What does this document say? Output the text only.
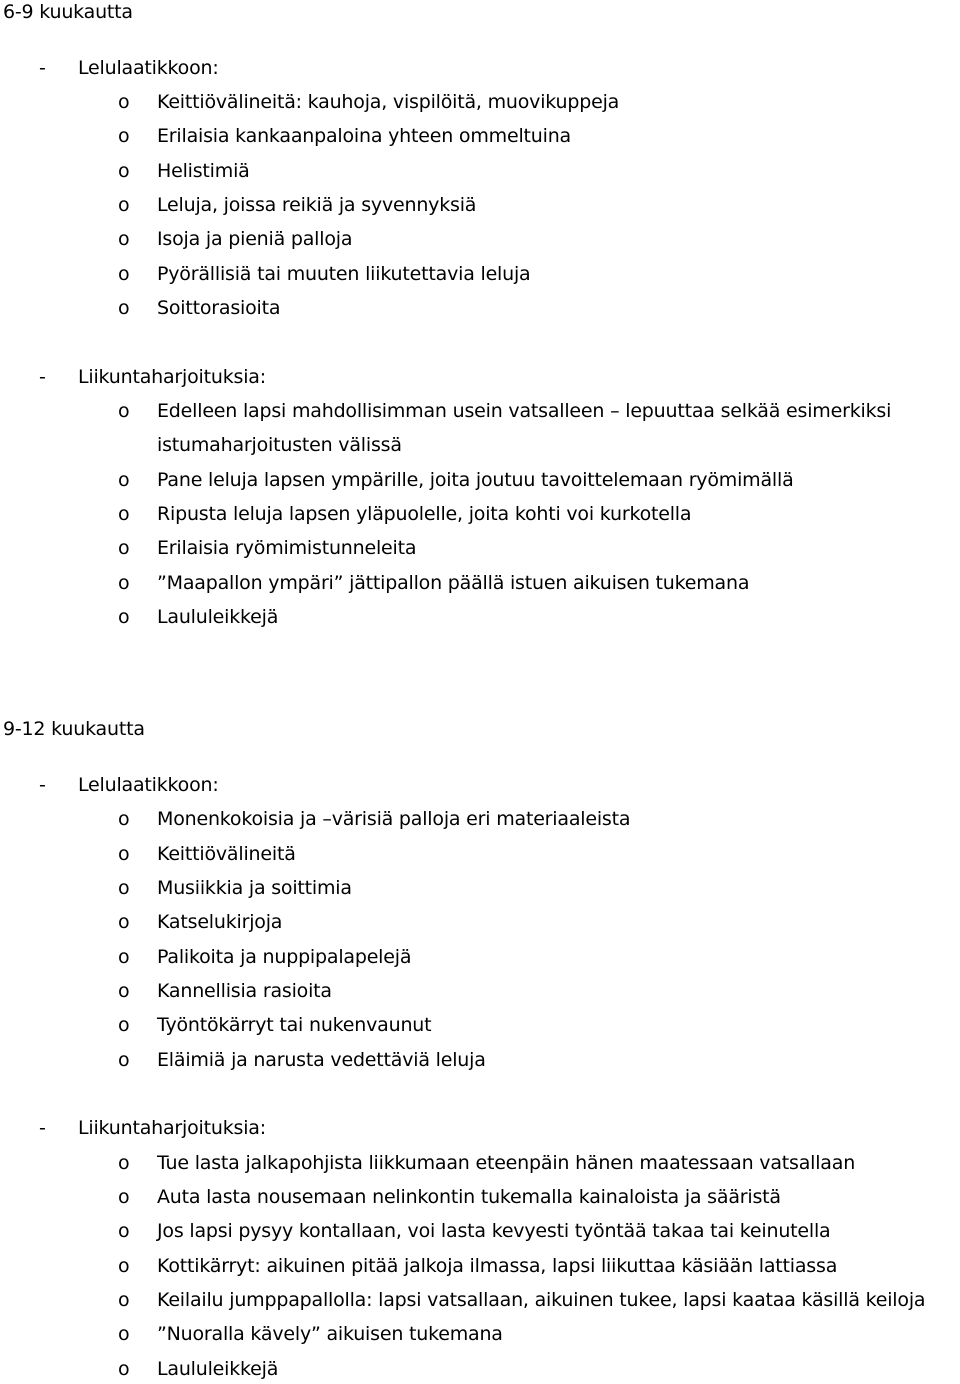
6-9 kuukautta
- Lelulaatikkoon:
o Keittiövälineitä: kauhoja, vispilöitä, muovikuppeja
o Erilaisia kankaanpaloina yhteen ommeltuina
o Helistimiä
o Leluja, joissa reikiä ja syvennyksiä
o Isoja ja pieniä palloja
o Pyörällisiä tai muuten liikutettavia leluja
o Soittorasioita
- Liikuntaharjoituksia:
o Edelleen lapsi mahdollisimman usein vatsalleen – lepuuttaa selkää esimerkiksi
istumaharjoitusten välissä
o Pane leluja lapsen ympärille, joita joutuu tavoittelemaan ryömimällä
o Ripusta leluja lapsen yläpuolelle, joita kohti voi kurkotella
o Erilaisia ryömimistunneleita
o ”Maapallon ympäri” jättipallon päällä istuen aikuisen tukemana
o Laululeikkejä
9-12 kuukautta
- Lelulaatikkoon:
o Monenkokoisia ja –värisiä palloja eri materiaaleista
o Keittiövälineitä
o Musiikkia ja soittimia
o Katselukirjoja
o Palikoita ja nuppipalapelejä
o Kannellisia rasioita
o Työntökärryt tai nukenvaunut
o Eläimiä ja narusta vedettäviä leluja
- Liikuntaharjoituksia:
o Tue lasta jalkapohjista liikkumaan eteenpäin hänen maatessaan vatsallaan
o Auta lasta nousemaan nelinkontin tukemalla kainaloista ja sääristä
o Jos lapsi pysyy kontallaan, voi lasta kevyesti työntää takaa tai keinutella
o Kottikärryt: aikuinen pitää jalkoja ilmassa, lapsi liikuttaa käsiään lattiassa
o Keilailu jumppapallolla: lapsi vatsallaan, aikuinen tukee, lapsi kaataa käsillä keiloja
o ”Nuoralla kävely” aikuisen tukemana
o Laululeikkejä
